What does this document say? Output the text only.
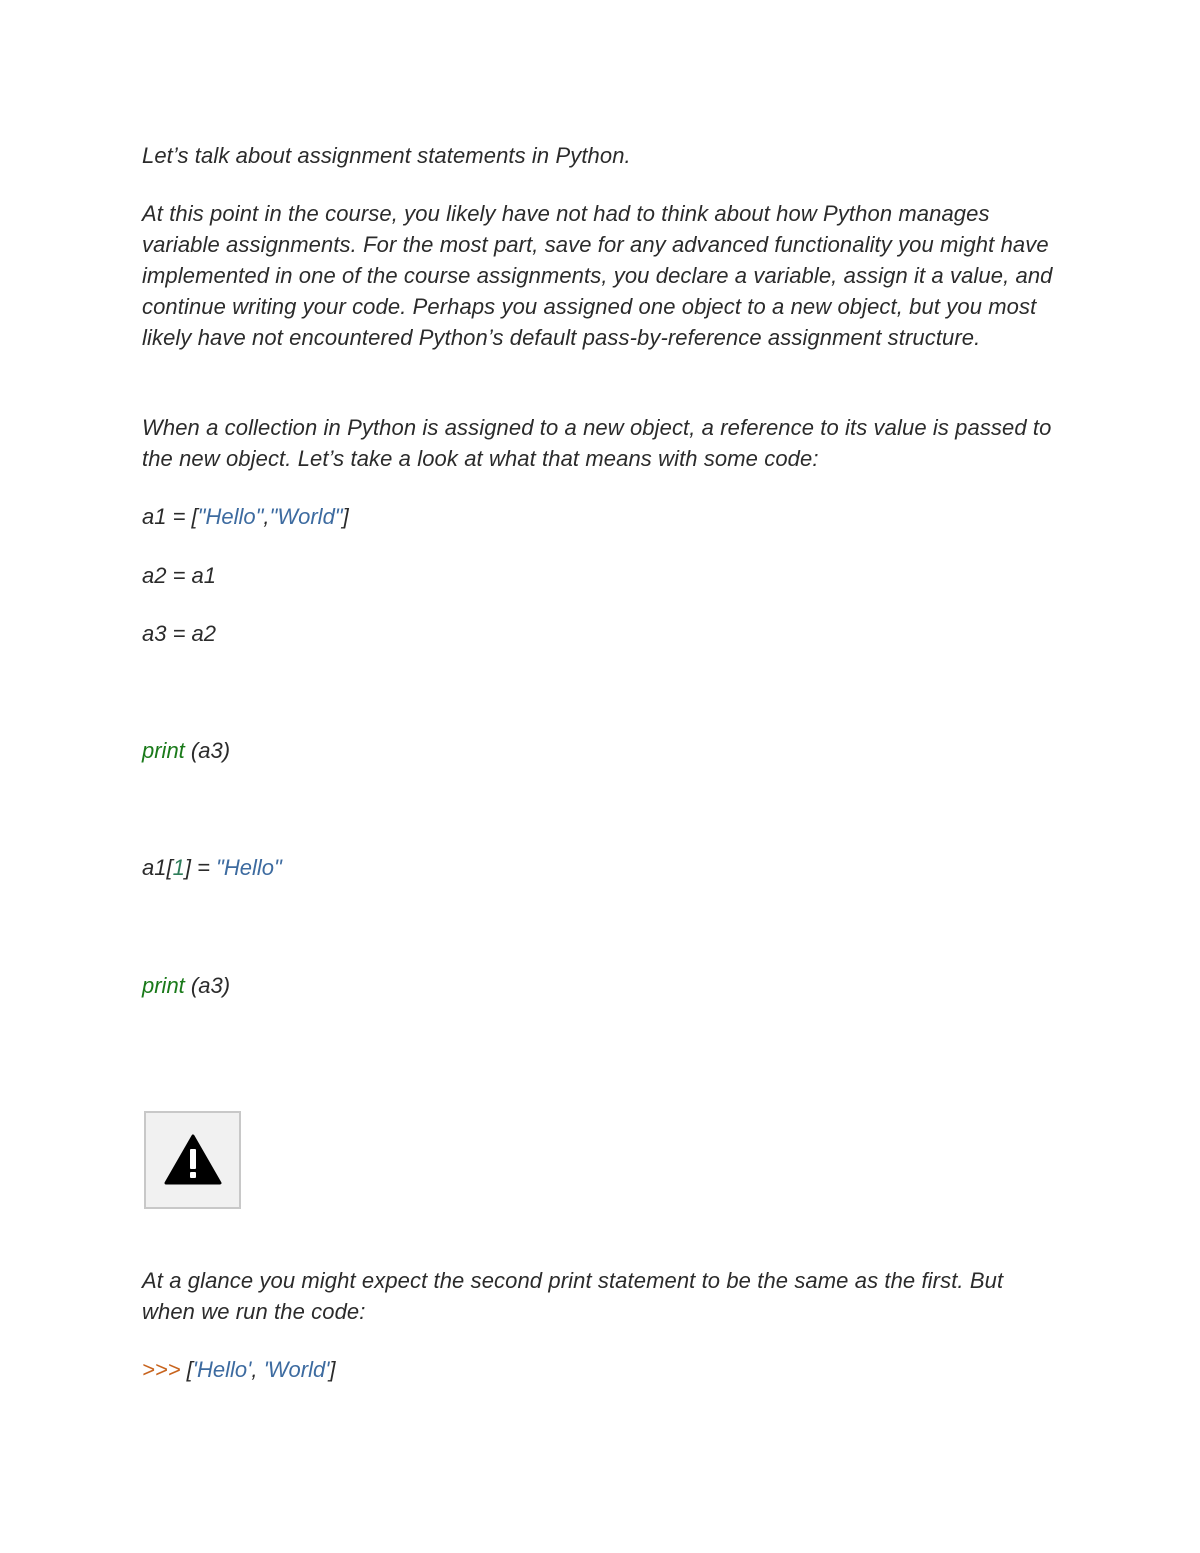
Let’s talk about assignment statements in Python.

At this point in the course, you likely have not had to think about how Python manages variable assignments. For the most part, save for any advanced functionality you might have implemented in one of the course assignments, you declare a variable, assign it a value, and continue writing your code. Perhaps you assigned one object to a new object, but you most likely have not encountered Python’s default pass-by-reference assignment structure.

When a collection in Python is assigned to a new object, a reference to its value is passed to the new object. Let’s take a look at what that means with some code:

a1 = ["Hello","World"]

a2 = a1

a3 = a2

print (a3)

a1[1] = "Hello"

print (a3)

At a glance you might expect the second print statement to be the same as the first. But when we run the code:

>>> ['Hello', 'World']
